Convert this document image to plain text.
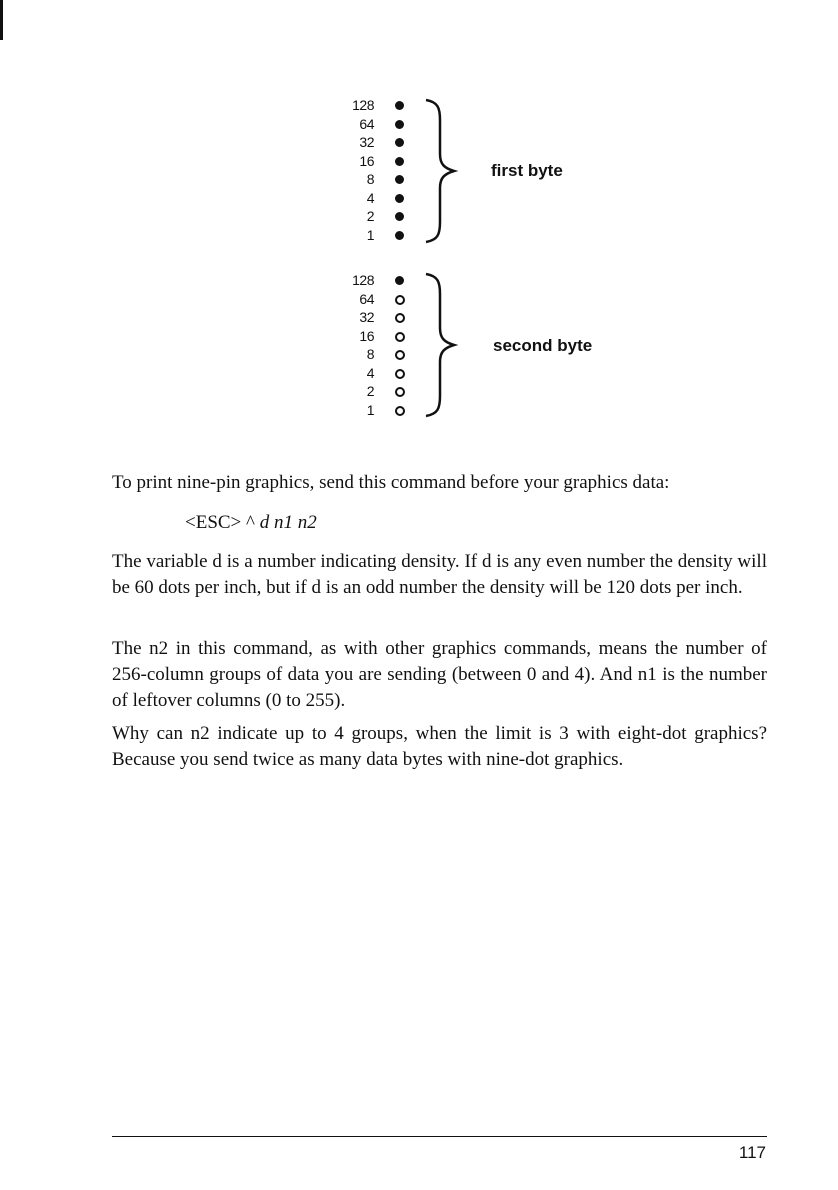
128
64
32
16
8
4
2
1
128
64
32
16
8
4
2
1
first byte
second byte

To print nine-pin graphics, send this command before your graphics data:

<ESC> ^ d n1 n2

The variable d is a number indicating density. If d is any even number the density will be 60 dots per inch, but if d is an odd number the density will be 120 dots per inch.

The n2 in this command, as with other graphics commands, means the number of 256-column groups of data you are sending (between 0 and 4). And n1 is the number of leftover columns (0 to 255).

Why can n2 indicate up to 4 groups, when the limit is 3 with eight-dot graphics? Because you send twice as many data bytes with nine-dot graphics.

117
